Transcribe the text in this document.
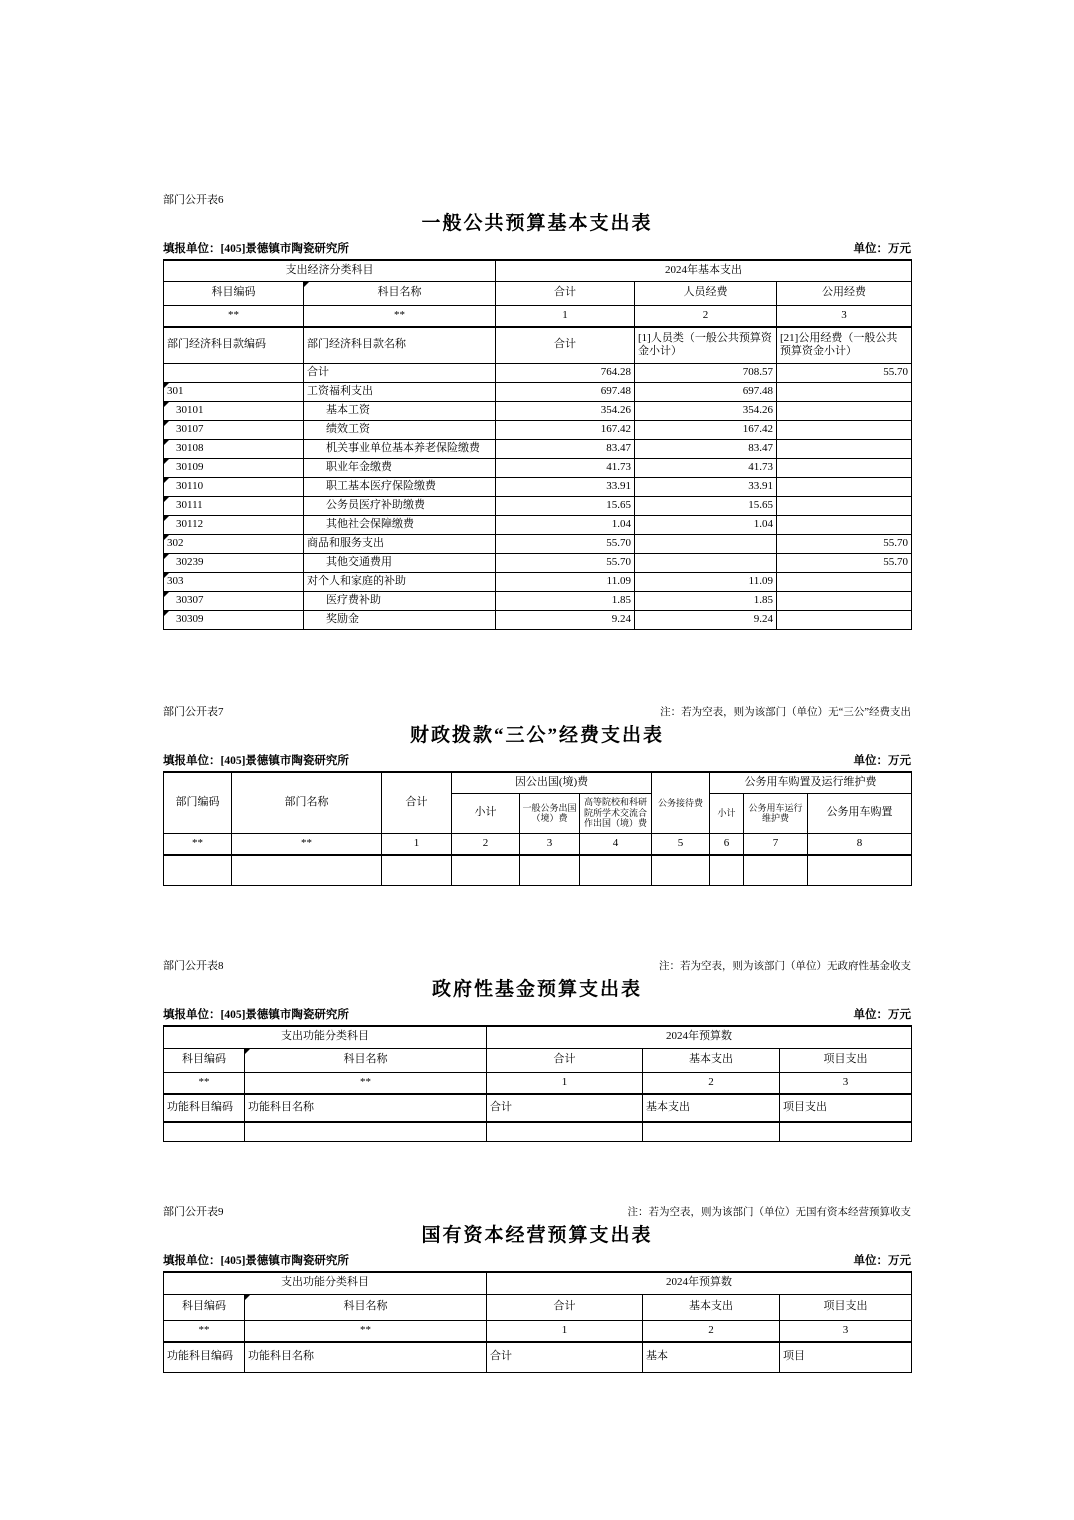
部门公开表6
一般公共预算基本支出表
填报单位：[405]景德镇市陶瓷研究所	单位：万元
支出经济分类科目		2024年基本支出		
科目编码	科目名称	合计	人员经费	公用经费
**	**	1	2	3
部门经济科目款编码	部门经济科目款名称	合计	[1]人员类（一般公共预算资金小计）	[21]公用经费（一般公共预算资金小计）
	合计	764.28	708.57	55.70
301	工资福利支出	697.48	697.48	
30101	基本工资	354.26	354.26	
30107	绩效工资	167.42	167.42	
30108	机关事业单位基本养老保险缴费	83.47	83.47	
30109	职业年金缴费	41.73	41.73	
30110	职工基本医疗保险缴费	33.91	33.91	
30111	公务员医疗补助缴费	15.65	15.65	
30112	其他社会保障缴费	1.04	1.04	
302	商品和服务支出	55.70		55.70
30239	其他交通费用	55.70		55.70
303	对个人和家庭的补助	11.09	11.09	
30307	医疗费补助	1.85	1.85	
30309	奖励金	9.24	9.24	
部门公开表7	注：若为空表，则为该部门（单位）无“三公”经费支出
财政拨款“三公”经费支出表
填报单位：[405]景德镇市陶瓷研究所	单位：万元
部门编码	部门名称	合计	因公出国(境)费			公务接待费	公务用车购置及运行维护费		
			小计	一般公务出国（境）费	高等院校和科研院所学术交流合作出国（境）费		小计	公务用车运行维护费	公务用车购置
**	**	1	2	3	4	5	6	7	8

部门公开表8	注：若为空表，则为该部门（单位）无政府性基金收支
政府性基金预算支出表
填报单位：[405]景德镇市陶瓷研究所	单位：万元
支出功能分类科目		2024年预算数		
科目编码	科目名称	合计	基本支出	项目支出
**	**	1	2	3
功能科目编码	功能科目名称	合计	基本支出	项目支出

部门公开表9	注：若为空表，则为该部门（单位）无国有资本经营预算收支
国有资本经营预算支出表
填报单位：[405]景德镇市陶瓷研究所	单位：万元
支出功能分类科目		2024年预算数		
科目编码	科目名称	合计	基本支出	项目支出
**	**	1	2	3
功能科目编码	功能科目名称	合计	基本	项目
